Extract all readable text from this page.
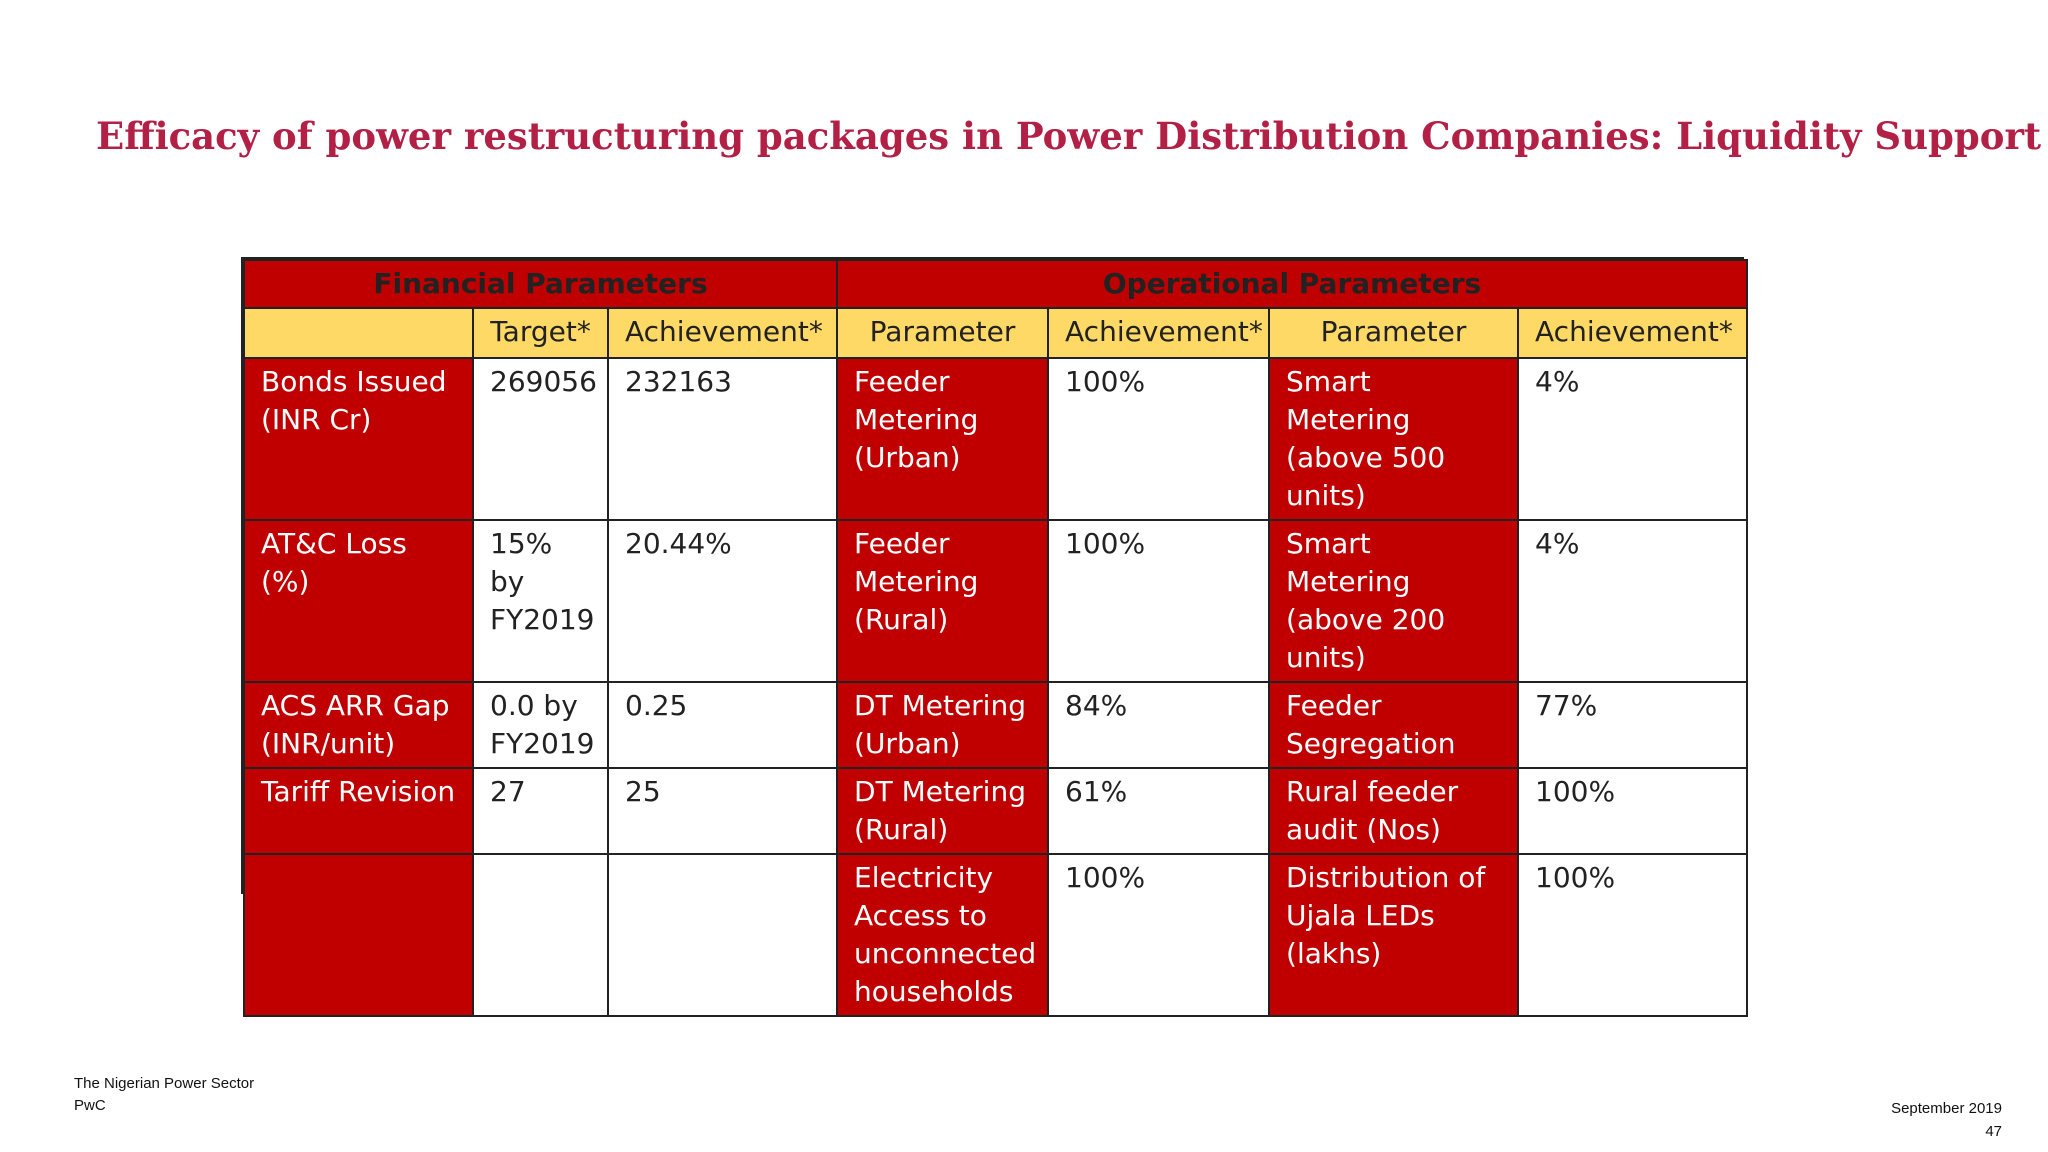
Efficacy of power restructuring packages in Power Distribution Companies: Liquidity Support
Financial Parameters			Operational Parameters			
	Target*	Achievement*	Parameter	Achievement*	Parameter	Achievement*
Bonds Issued (INR Cr)	269056	232163	Feeder Metering (Urban)	100%	Smart Metering (above 500 units)	4%
AT&C Loss (%)	15% by FY2019	20.44%	Feeder Metering (Rural)	100%	Smart Metering (above 200 units)	4%
ACS ARR Gap (INR/unit)	0.0 by FY2019	0.25	DT Metering (Urban)	84%	Feeder Segregation	77%
Tariff Revision	27	25	DT Metering (Rural)	61%	Rural feeder audit (Nos)	100%
			Electricity Access to unconnected households	100%	Distribution of Ujala LEDs (lakhs)	100%
The Nigerian Power Sector
PwC	September 2019
47
